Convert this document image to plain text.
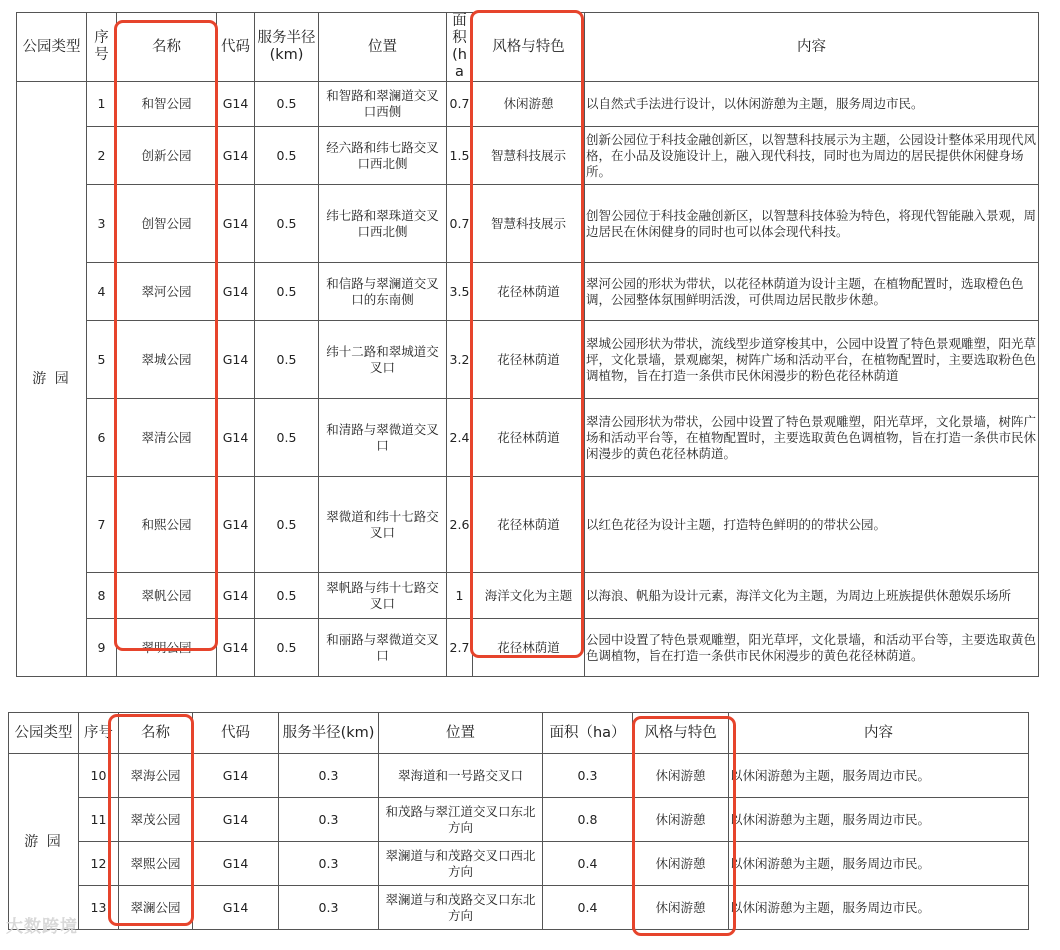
公园类型	序号	名称	代码	服务半径(km)	位置	面积(ha	风格与特色	内容
游 园	1	和智公园	G14	0.5	和智路和翠澜道交叉口西侧	0.7	休闲游憩	以自然式手法进行设计，以休闲游憩为主题，服务周边市民。
	2	创新公园	G14	0.5	经六路和纬七路交叉口西北侧	1.5	智慧科技展示	创新公园位于科技金融创新区，以智慧科技展示为主题，公园设计整体采用现代风格，在小品及设施设计上，融入现代科技，同时也为周边的居民提供休闲健身场所。
	3	创智公园	G14	0.5	纬七路和翠珠道交叉口西北侧	0.7	智慧科技展示	创智公园位于科技金融创新区，以智慧科技体验为特色，将现代智能融入景观，周边居民在休闲健身的同时也可以体会现代科技。
	4	翠河公园	G14	0.5	和信路与翠澜道交叉口的东南侧	3.5	花径林荫道	翠河公园的形状为带状，以花径林荫道为设计主题，在植物配置时，选取橙色色调，公园整体氛围鲜明活泼，可供周边居民散步休憩。
	5	翠城公园	G14	0.5	纬十二路和翠城道交叉口	3.2	花径林荫道	翠城公园形状为带状，流线型步道穿梭其中，公园中设置了特色景观雕塑，阳光草坪，文化景墙，景观廊架，树阵广场和活动平台，在植物配置时，主要选取粉色色调植物，旨在打造一条供市民休闲漫步的粉色花径林荫道
	6	翠清公园	G14	0.5	和清路与翠微道交叉口	2.4	花径林荫道	翠清公园形状为带状，公园中设置了特色景观雕塑，阳光草坪，文化景墙，树阵广场和活动平台等，在植物配置时，主要选取黄色色调植物，旨在打造一条供市民休闲漫步的黄色花径林荫道。
	7	和熙公园	G14	0.5	翠微道和纬十七路交叉口	2.6	花径林荫道	以红色花径为设计主题，打造特色鲜明的的带状公园。
	8	翠帆公园	G14	0.5	翠帆路与纬十七路交叉口	1	海洋文化为主题	以海浪、帆船为设计元素，海洋文化为主题，为周边上班族提供休憩娱乐场所
	9	翠明公园	G14	0.5	和丽路与翠微道交叉口	2.7	花径林荫道	公园中设置了特色景观雕塑，阳光草坪，文化景墙，和活动平台等，主要选取黄色色调植物，旨在打造一条供市民休闲漫步的黄色花径林荫道。
公园类型	序号	名称	代码	服务半径(km)	位置	面积（ha）	风格与特色	内容
游 园	10	翠海公园	G14	0.3	翠海道和一号路交叉口	0.3	休闲游憩	以休闲游憩为主题，服务周边市民。
	11	翠茂公园	G14	0.3	和茂路与翠江道交叉口东北方向	0.8	休闲游憩	以休闲游憩为主题，服务周边市民。
	12	翠熙公园	G14	0.3	翠澜道与和茂路交叉口西北方向	0.4	休闲游憩	以休闲游憩为主题，服务周边市民。
	13	翠澜公园	G14	0.3	翠澜道与和茂路交叉口东北方向	0.4	休闲游憩	以休闲游憩为主题，服务周边市民。
大数跨境
